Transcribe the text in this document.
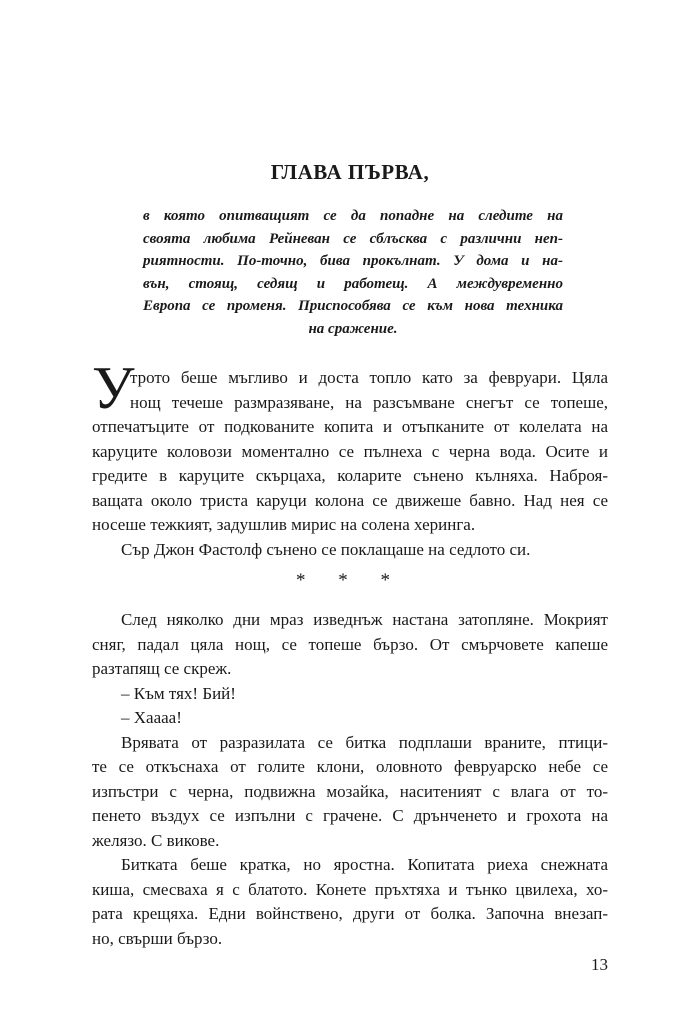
ГЛАВА ПЪРВА,
в която опитващият се да попадне на следите на
своята любима Рейневан се сблъсква с различни неп-
риятности. По-точно, бива прокълнат. У дома и на-
вън, стоящ, седящ и работещ. А междувременно
Европа се променя. Приспособява се към нова техника
на сражение.
У
трото беше мъгливо и доста топло като за февруари. Цяла
нощ течеше размразяване, на разсъмване снегът се топеше,
отпечатъците от подкованите копита и отъпканите от колелата на
каруците коловози моментално се пълнеха с черна вода. Осите и
гредите в каруците скърцаха, коларите сънено кълняха. Наброя-
ващата около триста каруци колона се движеше бавно. Над нея се
носеше тежкият, задушлив мирис на солена херинга.
Сър Джон Фастолф сънено се поклащаше на седлото си.
* * *
След няколко дни мраз изведнъж настана затопляне. Мокрият
сняг, падал цяла нощ, се топеше бързо. От смърчовете капеше
разтапящ се скреж.
– Към тях! Бий!
– Хаааа!
Врявата от разразилата се битка подплаши враните, птици-
те се откъснаха от голите клони, оловното февруарско небе се
изпъстри с черна, подвижна мозайка, наситеният с влага от то-
пенето въздух се изпълни с грачене. С дрънченето и грохота на
желязо. С викове.
Битката беше кратка, но яростна. Копитата риеха снежната
киша, смесваха я с блатото. Конете пръхтяха и тънко цвилеха, хо-
рата крещяха. Едни войнствено, други от болка. Започна внезап-
но, свърши бързо.
13
